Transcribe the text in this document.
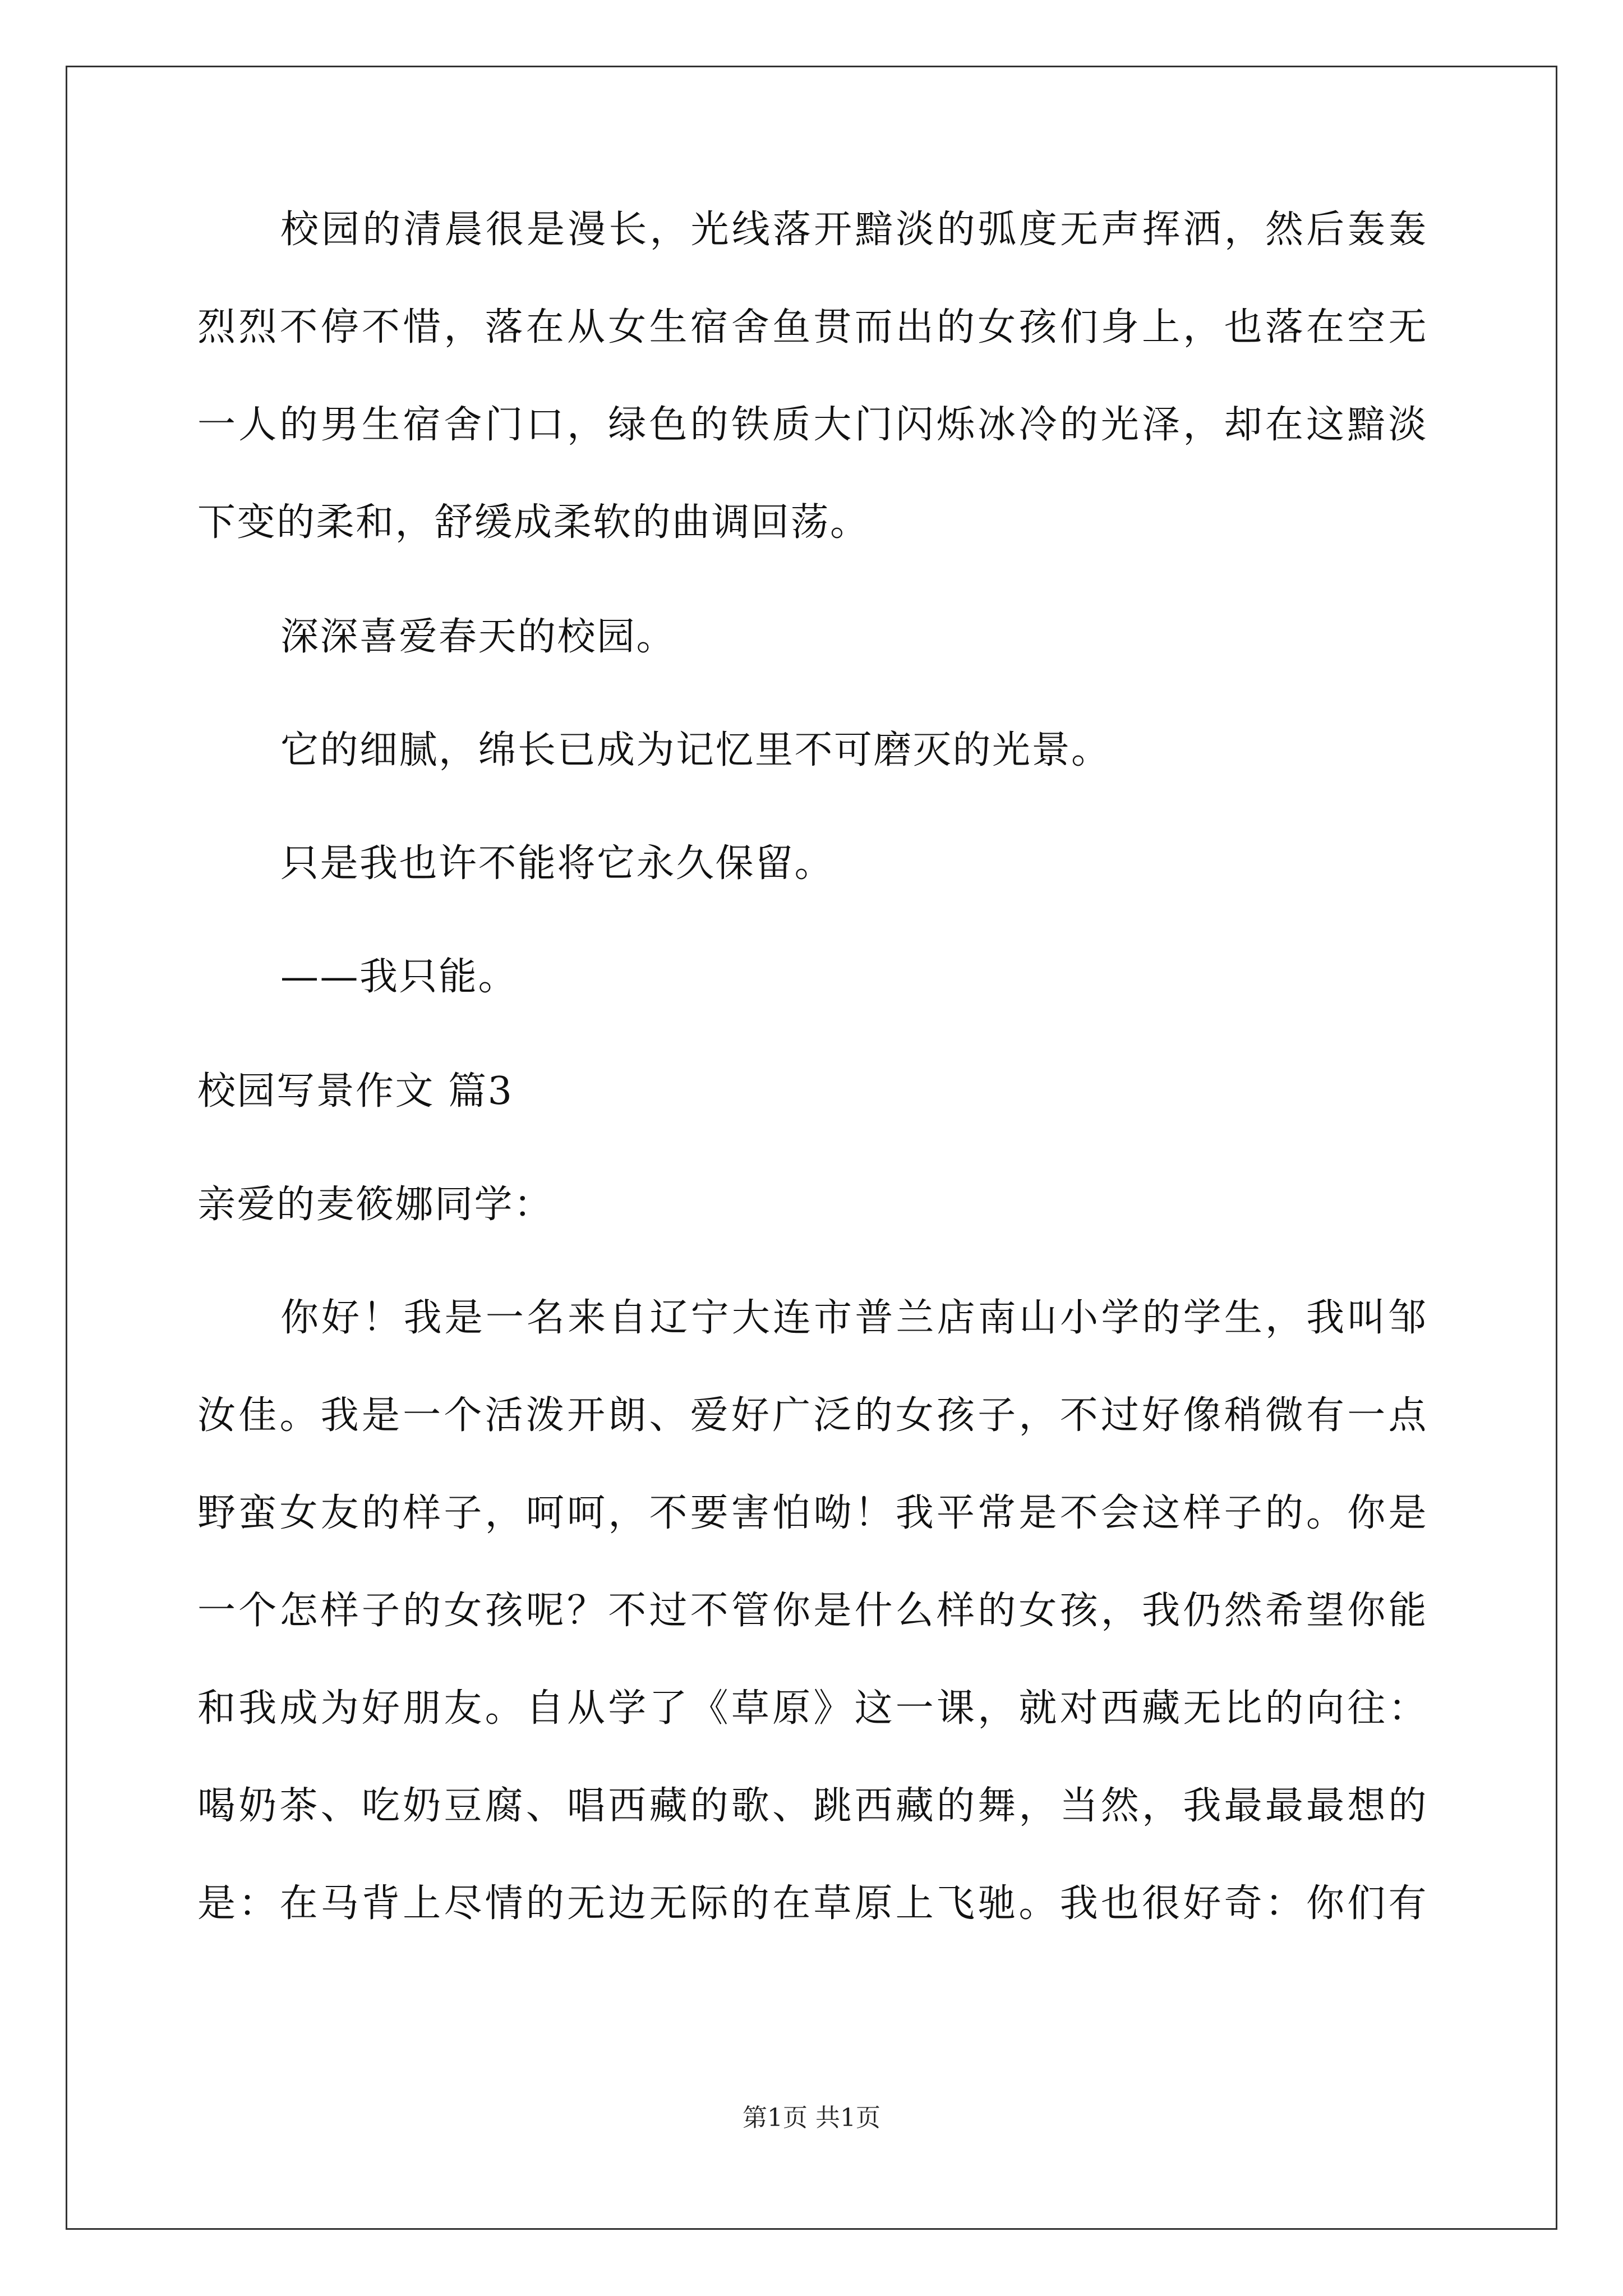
校园的清晨很是漫长，光线落开黯淡的弧度无声挥洒，然后轰轰
烈烈不停不惜，落在从女生宿舍鱼贯而出的女孩们身上，也落在空无
一人的男生宿舍门口，绿色的铁质大门闪烁冰冷的光泽，却在这黯淡
下变的柔和，舒缓成柔软的曲调回荡。
深深喜爱春天的校园。
它的细腻，绵长已成为记忆里不可磨灭的光景。
只是我也许不能将它永久保留。
——我只能。
校园写景作文 篇3
亲爱的麦筱娜同学：
你好！我是一名来自辽宁大连市普兰店南山小学的学生，我叫邹
汝佳。我是一个活泼开朗、爱好广泛的女孩子，不过好像稍微有一点
野蛮女友的样子，呵呵，不要害怕呦！我平常是不会这样子的。你是
一个怎样子的女孩呢？不过不管你是什么样的女孩，我仍然希望你能
和我成为好朋友。自从学了《草原》这一课，就对西藏无比的向往：
喝奶茶、吃奶豆腐、唱西藏的歌、跳西藏的舞，当然，我最最最想的
是：在马背上尽情的无边无际的在草原上飞驰。我也很好奇：你们有
第1页 共1页
